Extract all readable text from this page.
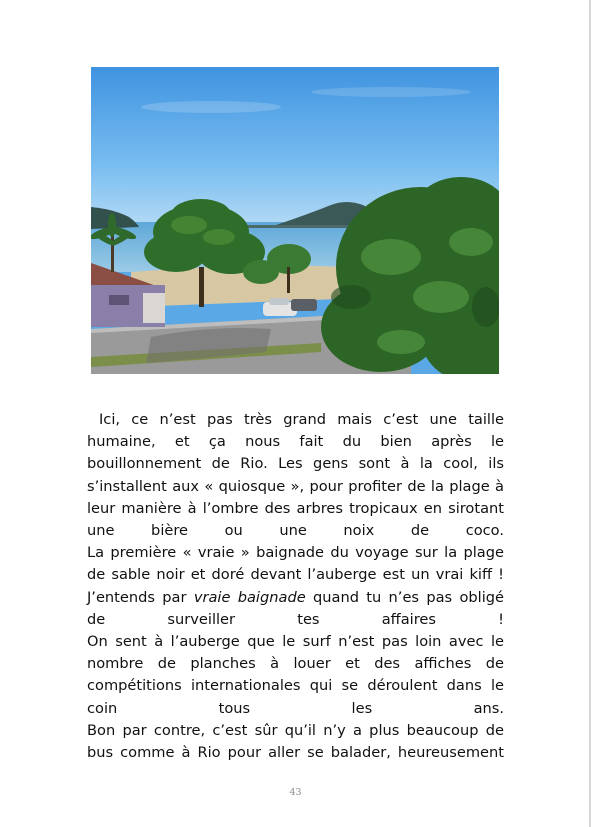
Ici, ce n’est pas très grand mais c’est une taille humaine, et ça nous fait du bien après le bouillonnement de Rio. Les gens sont à la cool, ils s’installent aux « quiosque », pour profiter de la plage à leur manière à l’ombre des arbres tropicaux en sirotant une bière ou une noix de coco.

La première « vraie » baignade du voyage sur la plage de sable noir et doré devant l’auberge est un vrai kiff !

J’entends par vraie baignade quand tu n’es pas obligé de surveiller tes affaires !

On sent à l’auberge que le surf n’est pas loin avec le nombre de planches à louer et des affiches de compétitions internationales qui se déroulent dans le coin tous les ans.

Bon par contre, c’est sûr qu’il n’y a plus beaucoup de bus comme à Rio pour aller se balader, heureusement

43
